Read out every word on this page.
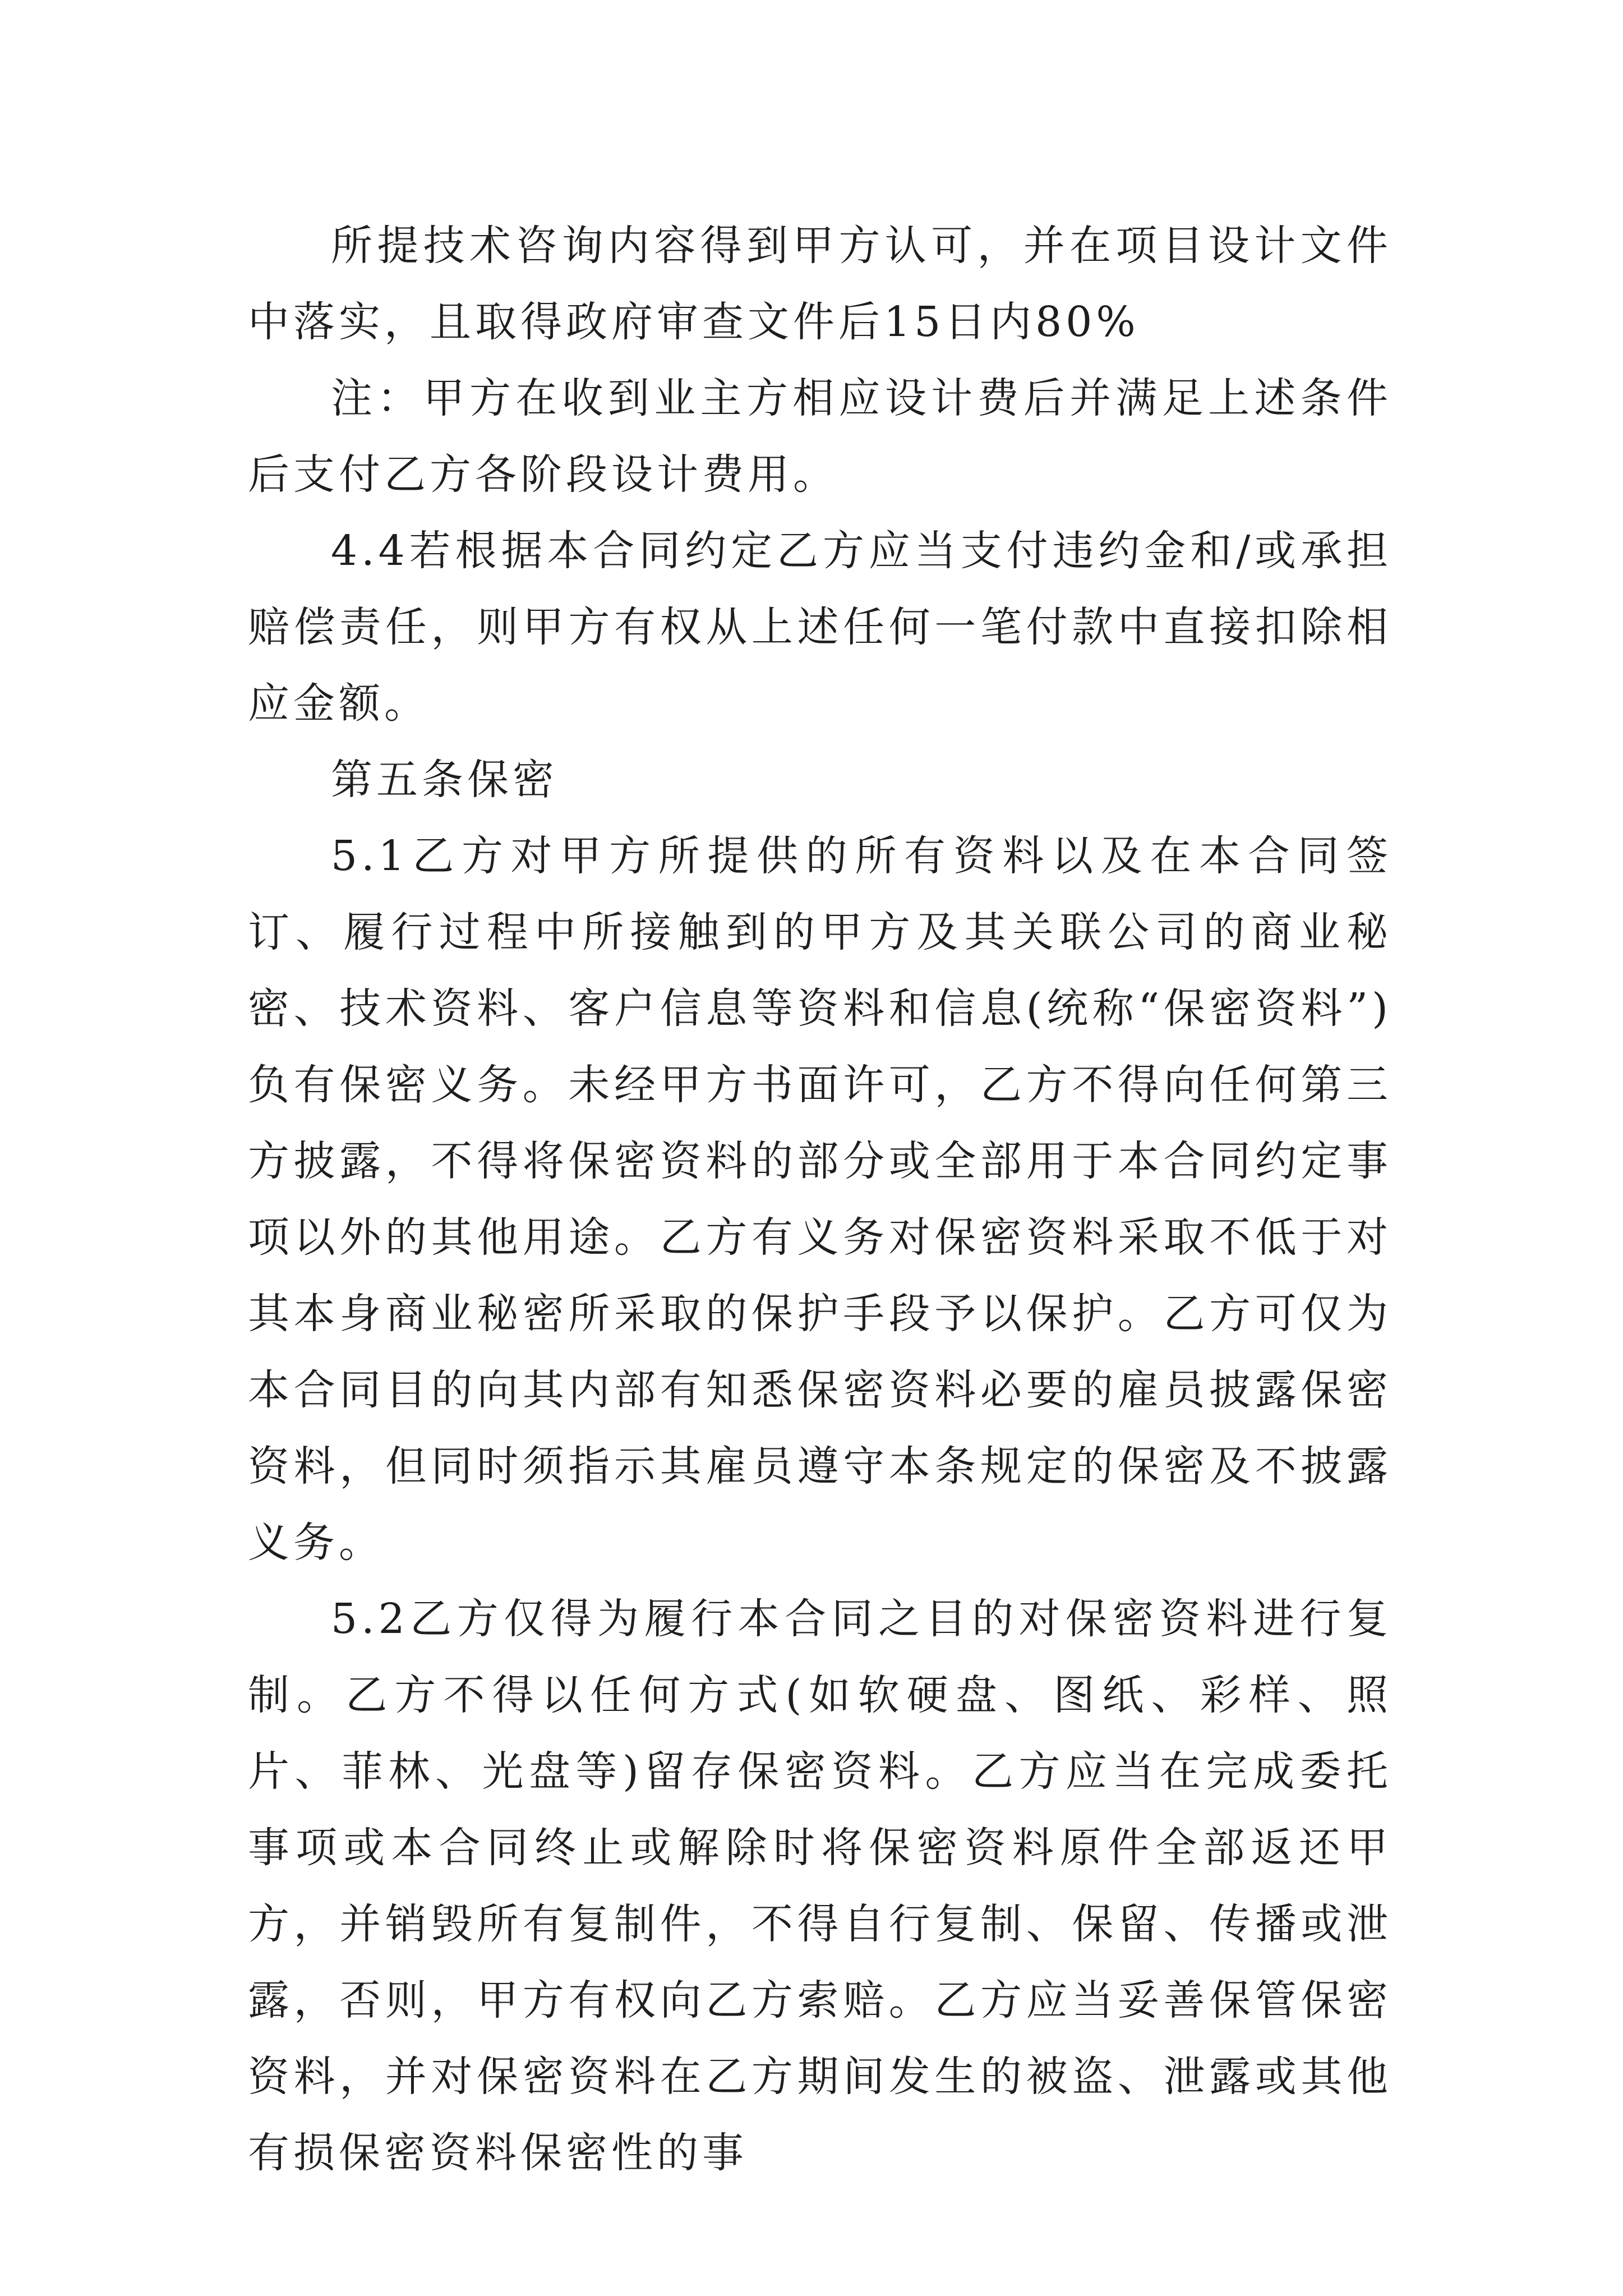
所提技术咨询内容得到甲方认可，并在项目设计文件中落实，且取得政府审查文件后15日内80%

注：甲方在收到业主方相应设计费后并满足上述条件后支付乙方各阶段设计费用。

4.4若根据本合同约定乙方应当支付违约金和/或承担赔偿责任，则甲方有权从上述任何一笔付款中直接扣除相应金额。

第五条保密

5.1乙方对甲方所提供的所有资料以及在本合同签订、履行过程中所接触到的甲方及其关联公司的商业秘密、技术资料、客户信息等资料和信息(统称“保密资料”)负有保密义务。未经甲方书面许可，乙方不得向任何第三方披露，不得将保密资料的部分或全部用于本合同约定事项以外的其他用途。乙方有义务对保密资料采取不低于对其本身商业秘密所采取的保护手段予以保护。乙方可仅为本合同目的向其内部有知悉保密资料必要的雇员披露保密资料，但同时须指示其雇员遵守本条规定的保密及不披露义务。

5.2乙方仅得为履行本合同之目的对保密资料进行复制。乙方不得以任何方式(如软硬盘、图纸、彩样、照片、菲林、光盘等)留存保密资料。乙方应当在完成委托事项或本合同终止或解除时将保密资料原件全部返还甲方，并销毁所有复制件，不得自行复制、保留、传播或泄露，否则，甲方有权向乙方索赔。乙方应当妥善保管保密资料，并对保密资料在乙方期间发生的被盗、泄露或其他有损保密资料保密性的事
